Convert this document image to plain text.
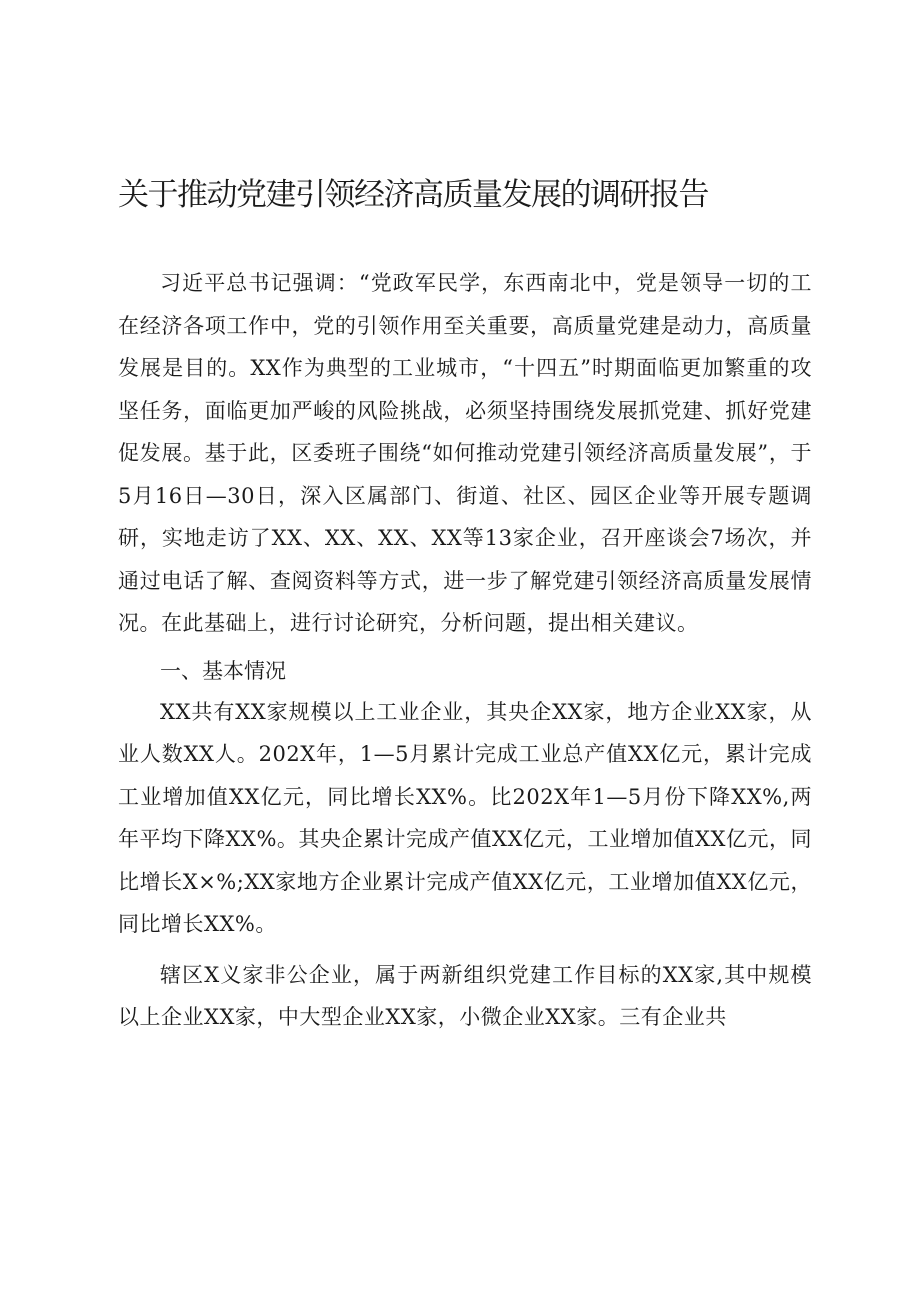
关于推动党建引领经济高质量发展的调研报告

习近平总书记强调：“党政军民学，东西南北中，党是领导一切的工在经济各项工作中，党的引领作用至关重要，高质量党建是动力，高质量发展是目的。XX作为典型的工业城市，“十四五”时期面临更加繁重的攻坚任务，面临更加严峻的风险挑战，必须坚持围绕发展抓党建、抓好党建促发展。基于此，区委班子围绕“如何推动党建引领经济高质量发展”，于5月16日—30日，深入区属部门、街道、社区、园区企业等开展专题调研，实地走访了XX、XX、XX、XX等13家企业，召开座谈会7场次，并通过电话了解、查阅资料等方式，进一步了解党建引领经济高质量发展情况。在此基础上，进行讨论研究，分析问题，提出相关建议。

一、基本情况

XX共有XX家规模以上工业企业，其央企XX家，地方企业XX家，从业人数XX人。202X年，1—5月累计完成工业总产值XX亿元，累计完成工业增加值XX亿元，同比增长XX%。比202X年1—5月份下降XX%,两年平均下降XX%。其央企累计完成产值XX亿元，工业增加值XX亿元，同比增长X×%;XX家地方企业累计完成产值XX亿元，工业增加值XX亿元，同比增长XX%。

辖区X义家非公企业，属于两新组织党建工作目标的XX家,其中规模以上企业XX家，中大型企业XX家，小微企业XX家。三有企业共
